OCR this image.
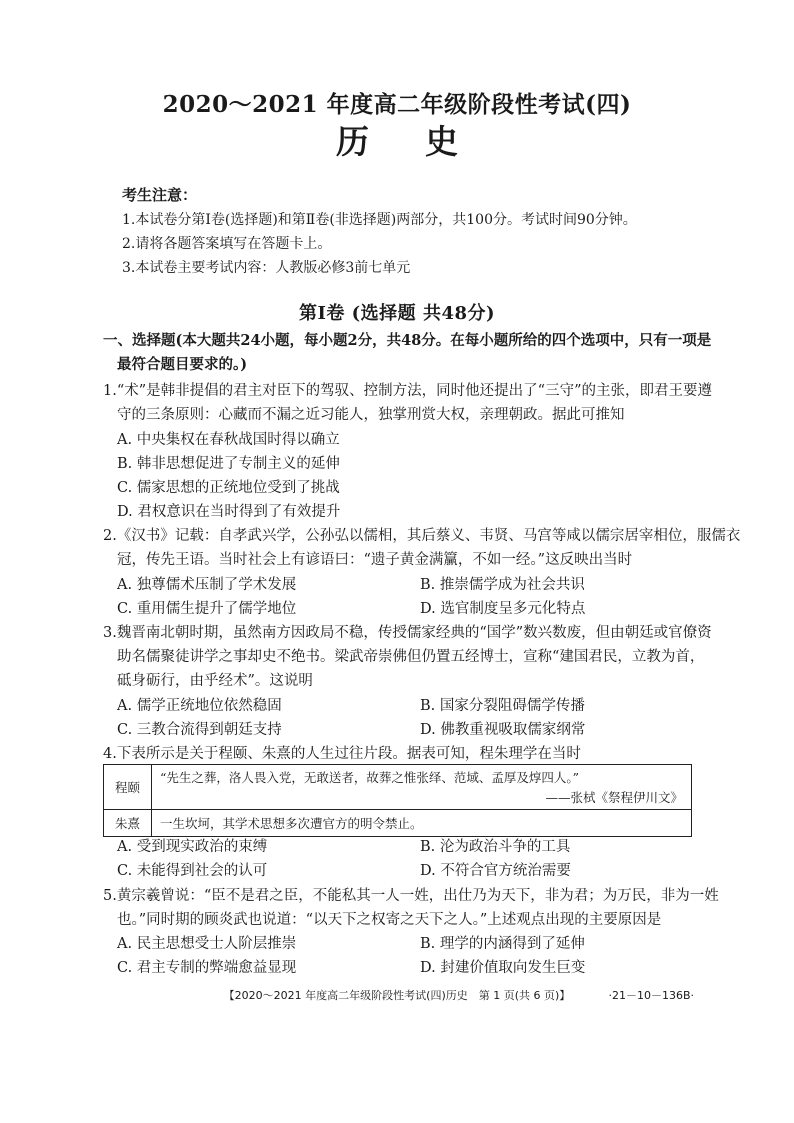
2020～2021 年度高二年级阶段性考试(四)
历史
考生注意：
1.本试卷分第Ⅰ卷(选择题)和第Ⅱ卷(非选择题)两部分，共100分。考试时间90分钟。
2.请将各题答案填写在答题卡上。
3.本试卷主要考试内容：人教版必修3前七单元
第Ⅰ卷 (选择题 共48分)
一、选择题(本大题共24小题，每小题2分，共48分。在每小题所给的四个选项中，只有一项是
最符合题目要求的。)
1.“术”是韩非提倡的君主对臣下的驾驭、控制方法，同时他还提出了“三守”的主张，即君王要遵
守的三条原则：心藏而不漏之近习能人，独掌刑赏大权，亲理朝政。据此可推知
A. 中央集权在春秋战国时得以确立
B. 韩非思想促进了专制主义的延伸
C. 儒家思想的正统地位受到了挑战
D. 君权意识在当时得到了有效提升
2.《汉书》记载：自孝武兴学，公孙弘以儒相，其后蔡义、韦贤、马宫等咸以儒宗居宰相位，服儒衣
冠，传先王语。当时社会上有谚语曰：“遗子黄金满籯，不如一经。”这反映出当时
A. 独尊儒术压制了学术发展	B. 推崇儒学成为社会共识
C. 重用儒生提升了儒学地位	D. 选官制度呈多元化特点
3.魏晋南北朝时期，虽然南方因政局不稳，传授儒家经典的“国学”数兴数废，但由朝廷或官僚资
助名儒聚徒讲学之事却史不绝书。梁武帝崇佛但仍置五经博士，宣称“建国君民，立教为首，
砥身砺行，由乎经术”。这说明
A. 儒学正统地位依然稳固	B. 国家分裂阻碍儒学传播
C. 三教合流得到朝廷支持	D. 佛教重视吸取儒家纲常
4.下表所示是关于程颐、朱熹的人生过往片段。据表可知，程朱理学在当时
程颐	“先生之葬，洛人畏入党，无敢送者，故葬之惟张绎、范域、孟厚及焞四人。”
——张栻《祭程伊川文》

朱熹	一生坎坷，其学术思想多次遭官方的明令禁止。
A. 受到现实政治的束缚	B. 沦为政治斗争的工具
C. 未能得到社会的认可	D. 不符合官方统治需要
5.黄宗羲曾说：“臣不是君之臣，不能私其一人一姓，出仕乃为天下，非为君；为万民，非为一姓
也。”同时期的顾炎武也说道：“以天下之权寄之天下之人。”上述观点出现的主要原因是
A. 民主思想受士人阶层推崇	B. 理学的内涵得到了延伸
C. 君主专制的弊端愈益显现	D. 封建价值取向发生巨变
【2020～2021 年度高二年级阶段性考试(四)历史　第 1 页(共 6 页)】	·21－10－136B·
